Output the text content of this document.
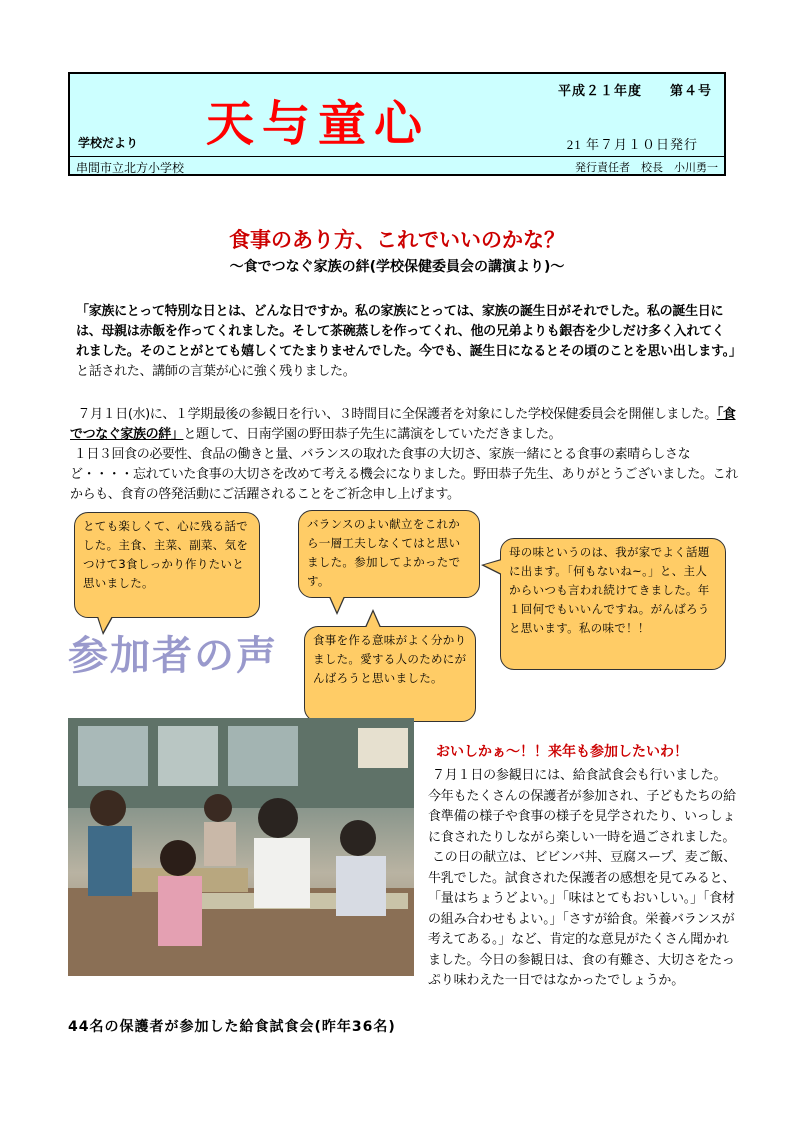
平成２１年度　　第４号
学校だより 天与童心	21 年７月１０日発行
串間市立北方小学校	発行責任者　校長　小川勇一
食事のあり方、これでいいのかな？
～食でつなぐ家族の絆(学校保健委員会の講演より)～
「家族にとって特別な日とは、どんな日ですか。私の家族にとっては、家族の誕生日がそれでした。私の誕生日には、母親は赤飯を作ってくれました。そして茶碗蒸しを作ってくれ、他の兄弟よりも銀杏を少しだけ多く入れてくれました。そのことがとても嬉しくてたまりませんでした。今でも、誕生日になるとその頃のことを思い出します。」と話された、講師の言葉が心に強く残りました。
７月１日(水)に、１学期最後の参観日を行い、３時間目に全保護者を対象にした学校保健委員会を開催しました。「食でつなぐ家族の絆」と題して、日南学園の野田恭子先生に講演をしていただきました。
１日３回食の必要性、食品の働きと量、バランスの取れた食事の大切さ、家族一緒にとる食事の素晴らしさなど・・・・忘れていた食事の大切さを改めて考える機会になりました。野田恭子先生、ありがとうございました。これからも、食育の啓発活動にご活躍されることをご祈念申し上げます。
参加者の声
とても楽しくて、心に残る話でした。主食、主菜、副菜、気をつけて3食しっかり作りたいと思いました。
バランスのよい献立をこれから一層工夫しなくてはと思いました。参加してよかったです。
母の味というのは、我が家でよく話題に出ます。「何もないね~。」と、主人からいつも言われ続けてきました。年１回何でもいいんですね。がんばろうと思います。私の味で！！
食事を作る意味がよく分かりました。愛する人のためにがんばろうと思いました。
44名の保護者が参加した給食試食会(昨年36名)
おいしかぁ～！！来年も参加したいわ！
７月１日の参観日には、給食試食会も行いました。今年もたくさんの保護者が参加され、子どもたちの給食準備の様子や食事の様子を見学されたり、いっしょに食されたりしながら楽しい一時を過ごされました。
この日の献立は、ビビンバ丼、豆腐スープ、麦ご飯、牛乳でした。試食された保護者の感想を見てみると、「量はちょうどよい。」「味はとてもおいしい。」「食材の組み合わせもよい。」「さすが給食。栄養バランスが考えてある。」など、肯定的な意見がたくさん聞かれました。今日の参観日は、食の有難さ、大切さをたっぷり味わえた一日ではなかったでしょうか。
